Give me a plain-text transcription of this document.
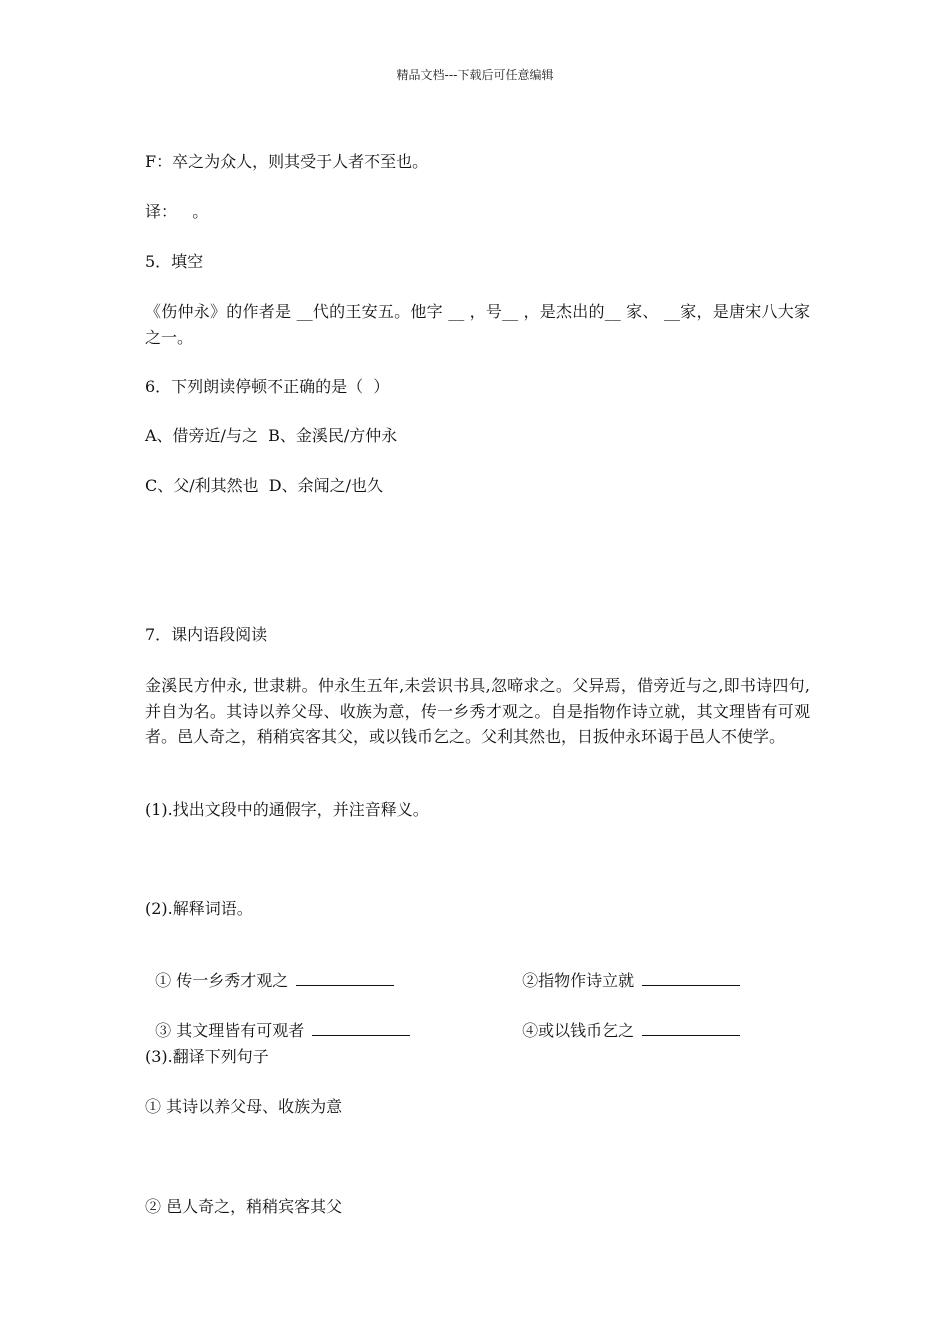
精品文档---下载后可任意编辑
F：卒之为众人，则其受于人者不至也。
译：   。
5．填空
《伤仲永》的作者是 __代的王安五。他字 __ ，号__ ，是杰出的__ 家、 __家，是唐宋八大家之一。
6．下列朗读停顿不正确的是（  ）
A、借旁近/与之  B、金溪民/方仲永
C、父/利其然也  D、余闻之/也久
7．课内语段阅读
金溪民方仲永, 世隶耕。仲永生五年,未尝识书具,忽啼求之。父异焉，借旁近与之,即书诗四句, 并自为名。其诗以养父母、收族为意，传一乡秀才观之。自是指物作诗立就，其文理皆有可观者。邑人奇之，稍稍宾客其父，或以钱币乞之。父利其然也，日扳仲永环谒于邑人不使学。
(1).找出文段中的通假字，并注音释义。
(2).解释词语。

① 传一乡秀才观之	②指物作诗立就

③ 其文理皆有可观者	④或以钱币乞之

(3).翻译下列句子
① 其诗以养父母、收族为意
② 邑人奇之，稍稍宾客其父
